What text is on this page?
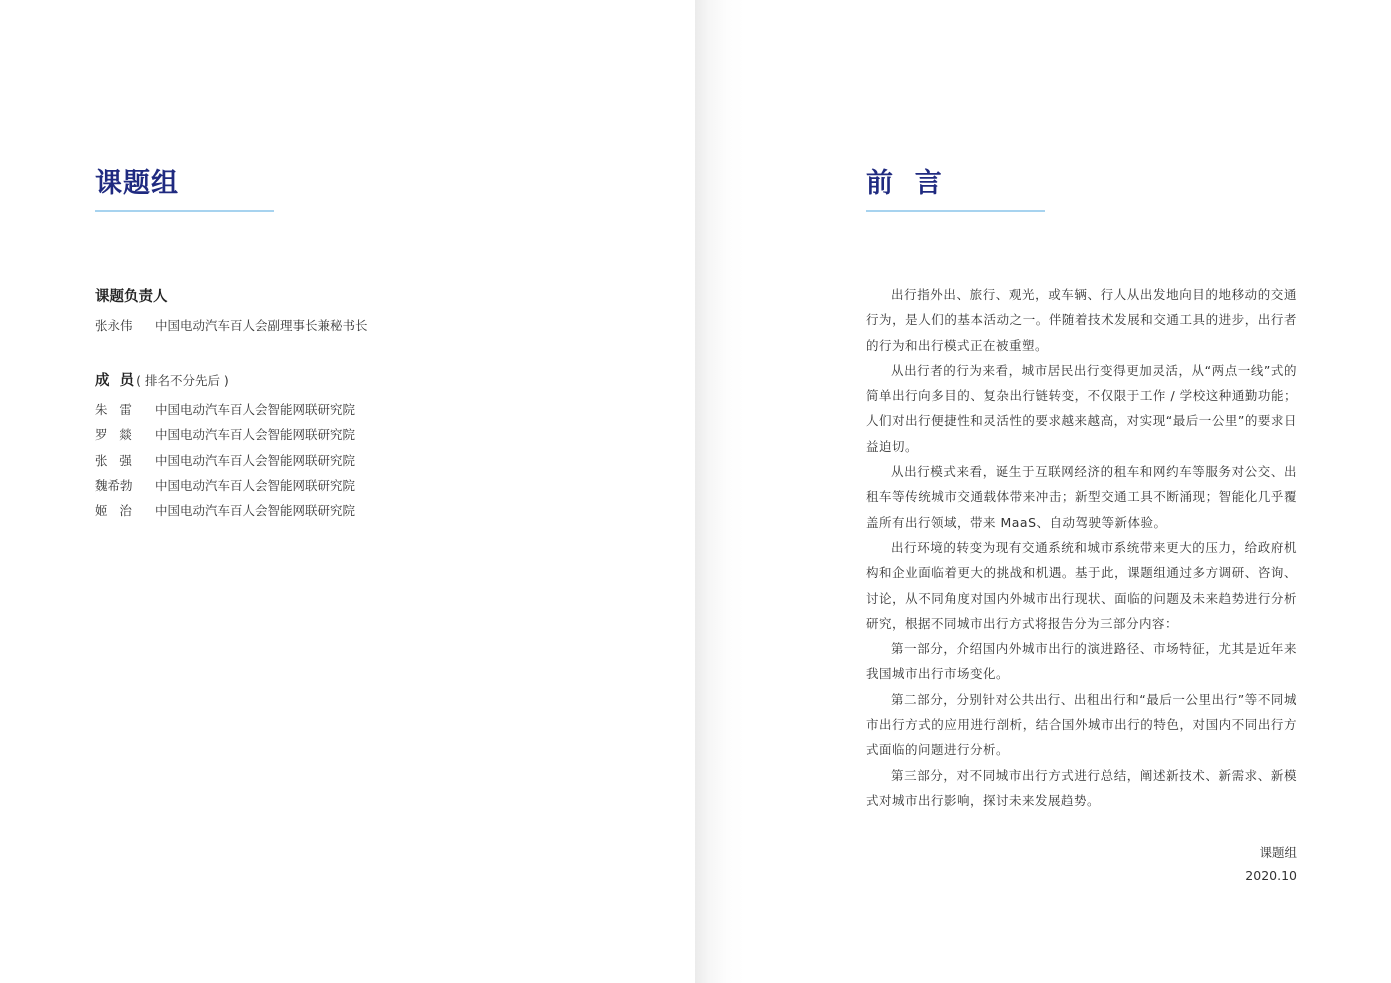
课题组
课题负责人
张永伟 中国电动汽车百人会副理事长兼秘书长
成  员 ( 排名不分先后 )
朱   雷 中国电动汽车百人会智能网联研究院
罗   燚 中国电动汽车百人会智能网联研究院
张   强 中国电动汽车百人会智能网联研究院
魏希勃 中国电动汽车百人会智能网联研究院
姬   治 中国电动汽车百人会智能网联研究院
前  言

出行指外出、旅行、观光，或车辆、行人从出发地向目的地移动的交通行为，是人们的基本活动之一。伴随着技术发展和交通工具的进步，出行者的行为和出行模式正在被重塑。

从出行者的行为来看，城市居民出行变得更加灵活，从“两点一线”式的简单出行向多目的、复杂出行链转变，不仅限于工作 / 学校这种通勤功能；人们对出行便捷性和灵活性的要求越来越高，对实现“最后一公里”的要求日益迫切。

从出行模式来看，诞生于互联网经济的租车和网约车等服务对公交、出租车等传统城市交通载体带来冲击；新型交通工具不断涌现；智能化几乎覆盖所有出行领域，带来 MaaS、自动驾驶等新体验。

出行环境的转变为现有交通系统和城市系统带来更大的压力，给政府机构和企业面临着更大的挑战和机遇。基于此，课题组通过多方调研、咨询、讨论，从不同角度对国内外城市出行现状、面临的问题及未来趋势进行分析研究，根据不同城市出行方式将报告分为三部分内容：

第一部分，介绍国内外城市出行的演进路径、市场特征，尤其是近年来我国城市出行市场变化。

第二部分，分别针对公共出行、出租出行和“最后一公里出行”等不同城市出行方式的应用进行剖析，结合国外城市出行的特色，对国内不同出行方式面临的问题进行分析。

第三部分，对不同城市出行方式进行总结，阐述新技术、新需求、新模式对城市出行影响，探讨未来发展趋势。

课题组
2020.10
